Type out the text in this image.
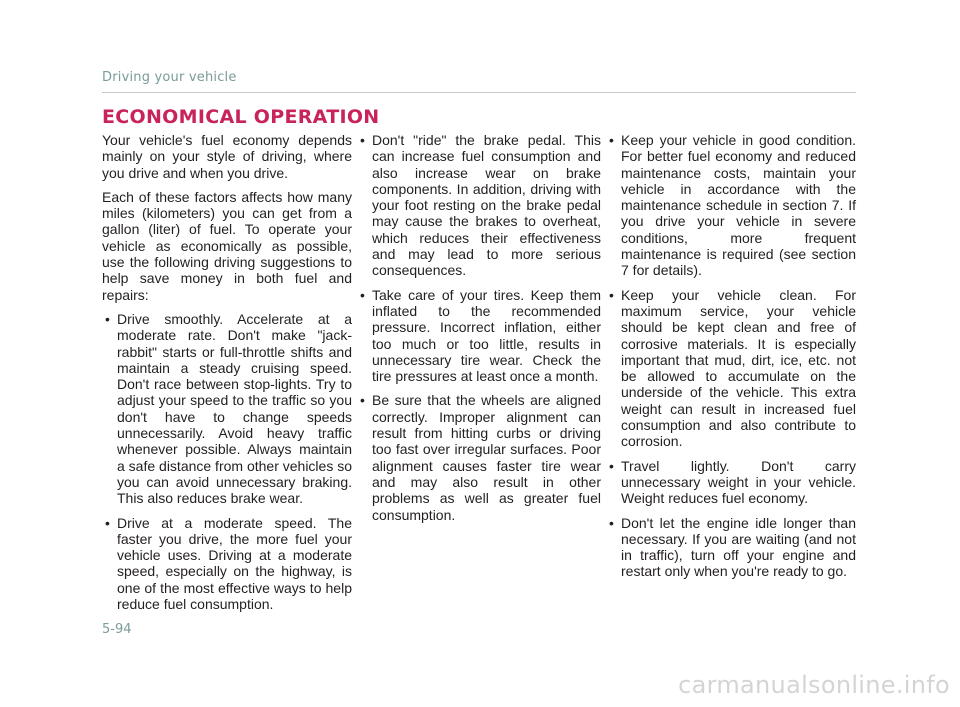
Driving your vehicle
ECONOMICAL OPERATION

Your vehicle's fuel economy depends mainly on your style of driving, where you drive and when you drive.

Each of these factors affects how many miles (kilometers) you can get from a gallon (liter) of fuel. To operate your vehicle as economically as possible, use the following driving suggestions to help save money in both fuel and repairs:

• Drive smoothly. Accelerate at a moderate rate. Don't make "jack-rabbit" starts or full-throttle shifts and maintain a steady cruising speed. Don't race between stop-lights. Try to adjust your speed to the traffic so you don't have to change speeds unnecessarily. Avoid heavy traffic whenever possible. Always maintain a safe distance from other vehicles so you can avoid unnecessary braking. This also reduces brake wear.
• Drive at a moderate speed. The faster you drive, the more fuel your vehicle uses. Driving at a moderate speed, especially on the highway, is one of the most effective ways to help reduce fuel consumption.
• Don't "ride" the brake pedal. This can increase fuel consumption and also increase wear on brake components. In addition, driving with your foot resting on the brake pedal may cause the brakes to overheat, which reduces their effectiveness and may lead to more serious consequences.
• Take care of your tires. Keep them inflated to the recommended pressure. Incorrect inflation, either too much or too little, results in unnecessary tire wear. Check the tire pressures at least once a month.
• Be sure that the wheels are aligned correctly. Improper alignment can result from hitting curbs or driving too fast over irregular surfaces. Poor alignment causes faster tire wear and may also result in other problems as well as greater fuel consumption.
• Keep your vehicle in good condition. For better fuel economy and reduced maintenance costs, maintain your vehicle in accordance with the maintenance schedule in section 7. If you drive your vehicle in severe conditions, more frequent maintenance is required (see section 7 for details).
• Keep your vehicle clean. For maximum service, your vehicle should be kept clean and free of corrosive materials. It is especially important that mud, dirt, ice, etc. not be allowed to accumulate on the underside of the vehicle. This extra weight can result in increased fuel consumption and also contribute to corrosion.
• Travel lightly. Don't carry unnecessary weight in your vehicle. Weight reduces fuel economy.
• Don't let the engine idle longer than necessary. If you are waiting (and not in traffic), turn off your engine and restart only when you're ready to go.
5-94
carmanualsonline.info
